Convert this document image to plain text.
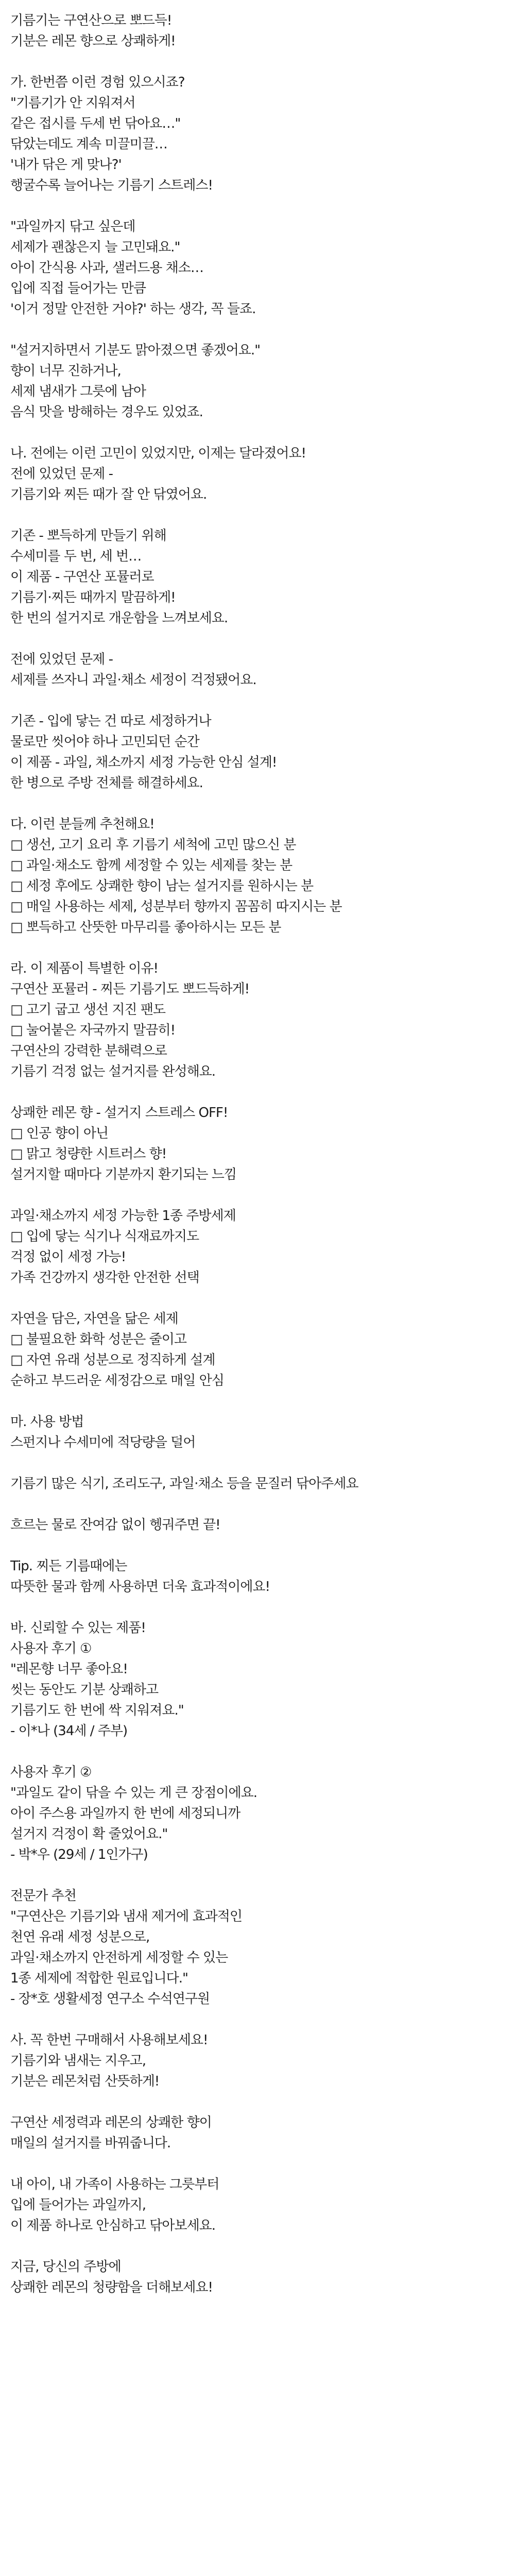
기름기는 구연산으로 뽀드득!
기분은 레몬 향으로 상쾌하게!
가. 한번쯤 이런 경험 있으시죠?
"기름기가 안 지워져서
같은 접시를 두세 번 닦아요…"
닦았는데도 계속 미끌미끌…
'내가 닦은 게 맞나?'
행굴수록 늘어나는 기름기 스트레스!
"과일까지 닦고 싶은데
세제가 괜찮은지 늘 고민돼요."
아이 간식용 사과, 샐러드용 채소…
입에 직접 들어가는 만큼
'이거 정말 안전한 거야?' 하는 생각, 꼭 들죠.
"설거지하면서 기분도 맑아졌으면 좋겠어요."
향이 너무 진하거나,
세제 냄새가 그릇에 남아
음식 맛을 방해하는 경우도 있었죠.
나. 전에는 이런 고민이 있었지만, 이제는 달라졌어요!
전에 있었던 문제 -
기름기와 찌든 때가 잘 안 닦였어요.
기존 - 뽀득하게 만들기 위해
수세미를 두 번, 세 번…
이 제품 - 구연산 포뮬러로
기름기·찌든 때까지 말끔하게!
한 번의 설거지로 개운함을 느껴보세요.
전에 있었던 문제 -
세제를 쓰자니 과일·채소 세정이 걱정됐어요.
기존 - 입에 닿는 건 따로 세정하거나
물로만 씻어야 하나 고민되던 순간
이 제품 - 과일, 채소까지 세정 가능한 안심 설계!
한 병으로 주방 전체를 해결하세요.
다. 이런 분들께 추천해요!
□ 생선, 고기 요리 후 기름기 세척에 고민 많으신 분
□ 과일·채소도 함께 세정할 수 있는 세제를 찾는 분
□ 세정 후에도 상쾌한 향이 남는 설거지를 원하시는 분
□ 매일 사용하는 세제, 성분부터 향까지 꼼꼼히 따지시는 분
□ 뽀득하고 산뜻한 마무리를 좋아하시는 모든 분
라. 이 제품이 특별한 이유!
구연산 포뮬러 - 찌든 기름기도 뽀드득하게!
□ 고기 굽고 생선 지진 팬도
□ 눌어붙은 자국까지 말끔히!
구연산의 강력한 분해력으로
기름기 걱정 없는 설거지를 완성해요.
상쾌한 레몬 향 - 설거지 스트레스 OFF!
□ 인공 향이 아닌
□ 맑고 청량한 시트러스 향!
설거지할 때마다 기분까지 환기되는 느낌
과일·채소까지 세정 가능한 1종 주방세제
□ 입에 닿는 식기나 식재료까지도
걱정 없이 세정 가능!
가족 건강까지 생각한 안전한 선택
자연을 담은, 자연을 닮은 세제
□ 불필요한 화학 성분은 줄이고
□ 자연 유래 성분으로 정직하게 설계
순하고 부드러운 세정감으로 매일 안심
마. 사용 방법
스펀지나 수세미에 적당량을 덜어
기름기 많은 식기, 조리도구, 과일·채소 등을 문질러 닦아주세요
흐르는 물로 잔여감 없이 헹궈주면 끝!
Tip. 찌든 기름때에는
따뜻한 물과 함께 사용하면 더욱 효과적이에요!
바. 신뢰할 수 있는 제품!
사용자 후기 ①
"레몬향 너무 좋아요!
씻는 동안도 기분 상쾌하고
기름기도 한 번에 싹 지워져요."
- 이*나 (34세 / 주부)
사용자 후기 ②
"과일도 같이 닦을 수 있는 게 큰 장점이에요.
아이 주스용 과일까지 한 번에 세정되니까
설거지 걱정이 확 줄었어요."
- 박*우 (29세 / 1인가구)
전문가 추천
"구연산은 기름기와 냄새 제거에 효과적인
천연 유래 세정 성분으로,
과일·채소까지 안전하게 세정할 수 있는
1종 세제에 적합한 원료입니다."
- 장*호 생활세정 연구소 수석연구원
사. 꼭 한번 구매해서 사용해보세요!
기름기와 냄새는 지우고,
기분은 레몬처럼 산뜻하게!
구연산 세정력과 레몬의 상쾌한 향이
매일의 설거지를 바꿔줍니다.
내 아이, 내 가족이 사용하는 그릇부터
입에 들어가는 과일까지,
이 제품 하나로 안심하고 닦아보세요.
지금, 당신의 주방에
상쾌한 레몬의 청량함을 더해보세요!
